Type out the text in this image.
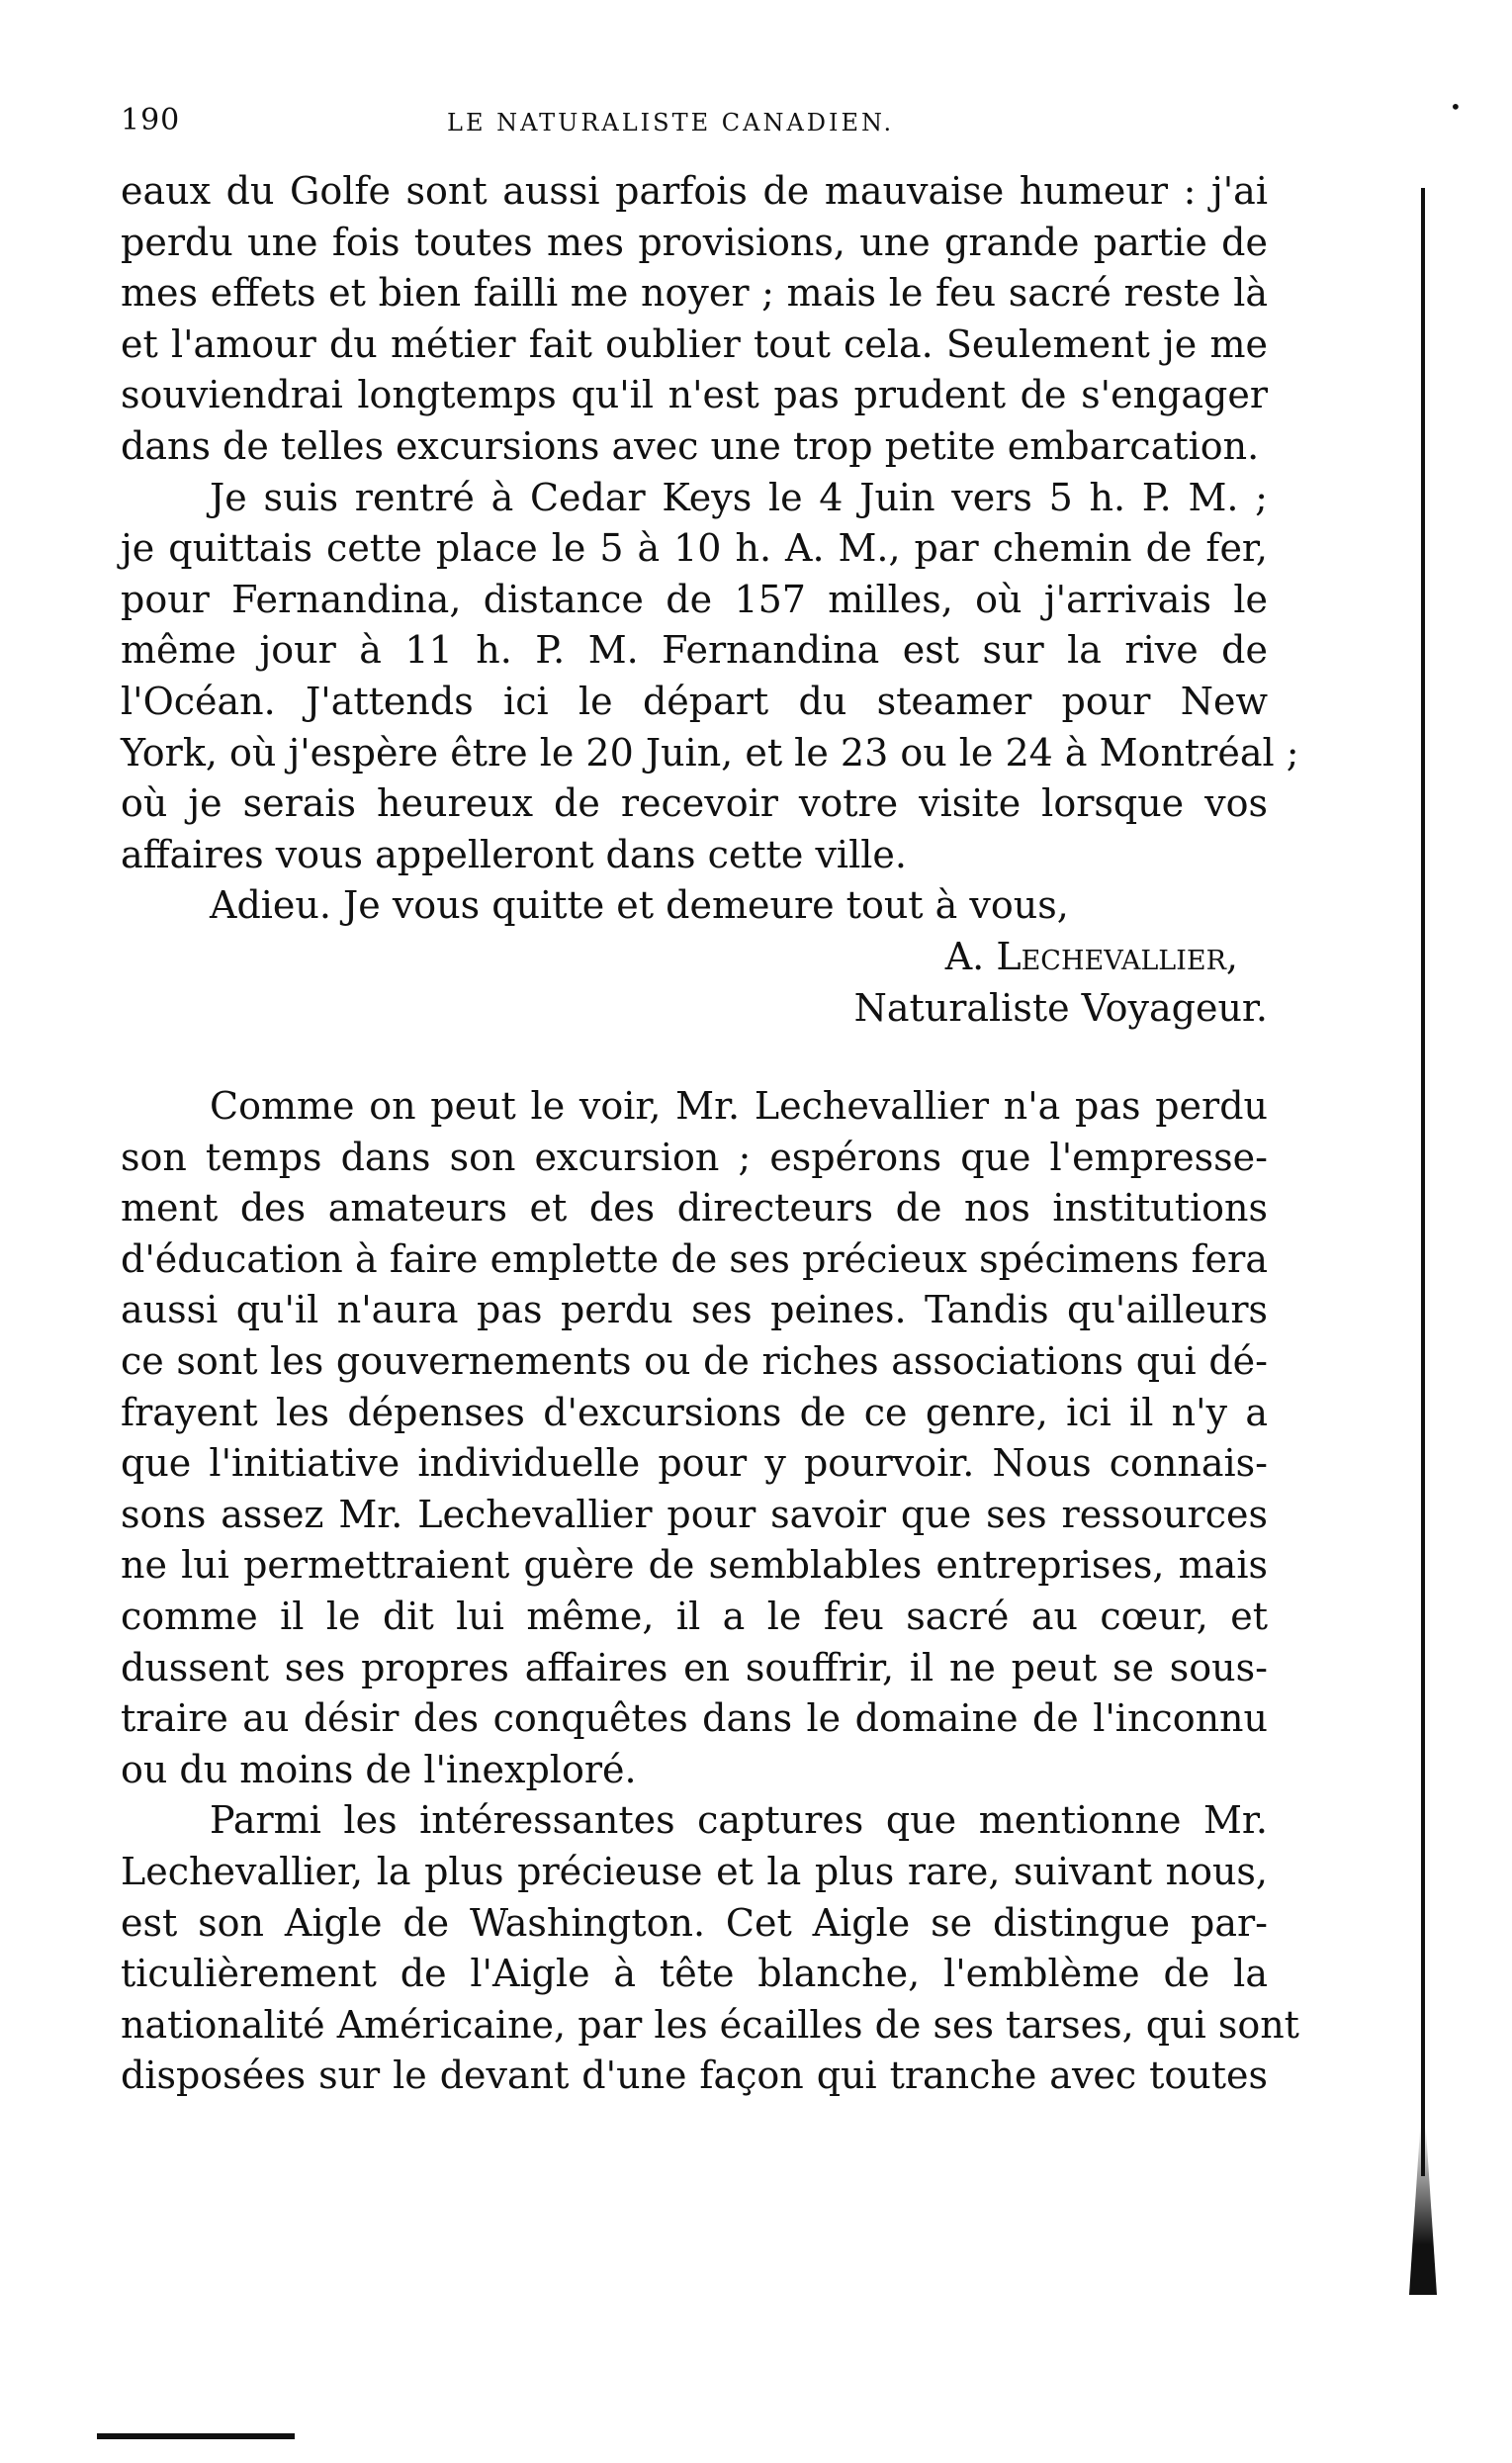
190	LE NATURALISTE CANADIEN.
•
eaux du Golfe sont aussi parfois de mauvaise humeur : j'ai
perdu une fois toutes mes provisions, une grande partie de
mes effets et bien failli me noyer ; mais le feu sacré reste là
et l'amour du métier fait oublier tout cela. Seulement je me
souviendrai longtemps qu'il n'est pas prudent de s'engager
dans de telles excursions avec une trop petite embarcation.
Je suis rentré à Cedar Keys le 4 Juin vers 5 h. P. M. ;
je quittais cette place le 5 à 10 h. A. M., par chemin de fer,
pour Fernandina, distance de 157 milles, où j'arrivais le
même jour à 11 h. P. M. Fernandina est sur la rive de
l'Océan. J'attends ici le départ du steamer pour New
York, où j'espère être le 20 Juin, et le 23 ou le 24 à Montréal ;
où je serais heureux de recevoir votre visite lorsque vos
affaires vous appelleront dans cette ville.
Adieu. Je vous quitte et demeure tout à vous,
A. Lechevallier,
Naturaliste Voyageur.
Comme on peut le voir, Mr. Lechevallier n'a pas perdu
son temps dans son excursion ; espérons que l'empresse-
ment des amateurs et des directeurs de nos institutions
d'éducation à faire emplette de ses précieux spécimens fera
aussi qu'il n'aura pas perdu ses peines. Tandis qu'ailleurs
ce sont les gouvernements ou de riches associations qui dé-
frayent les dépenses d'excursions de ce genre, ici il n'y a
que l'initiative individuelle pour y pourvoir. Nous connais-
sons assez Mr. Lechevallier pour savoir que ses ressources
ne lui permettraient guère de semblables entreprises, mais
comme il le dit lui même, il a le feu sacré au cœur, et
dussent ses propres affaires en souffrir, il ne peut se sous-
traire au désir des conquêtes dans le domaine de l'inconnu
ou du moins de l'inexploré.
Parmi les intéressantes captures que mentionne Mr.
Lechevallier, la plus précieuse et la plus rare, suivant nous,
est son Aigle de Washington. Cet Aigle se distingue par-
ticulièrement de l'Aigle à tête blanche, l'emblème de la
nationalité Américaine, par les écailles de ses tarses, qui sont
disposées sur le devant d'une façon qui tranche avec toutes
